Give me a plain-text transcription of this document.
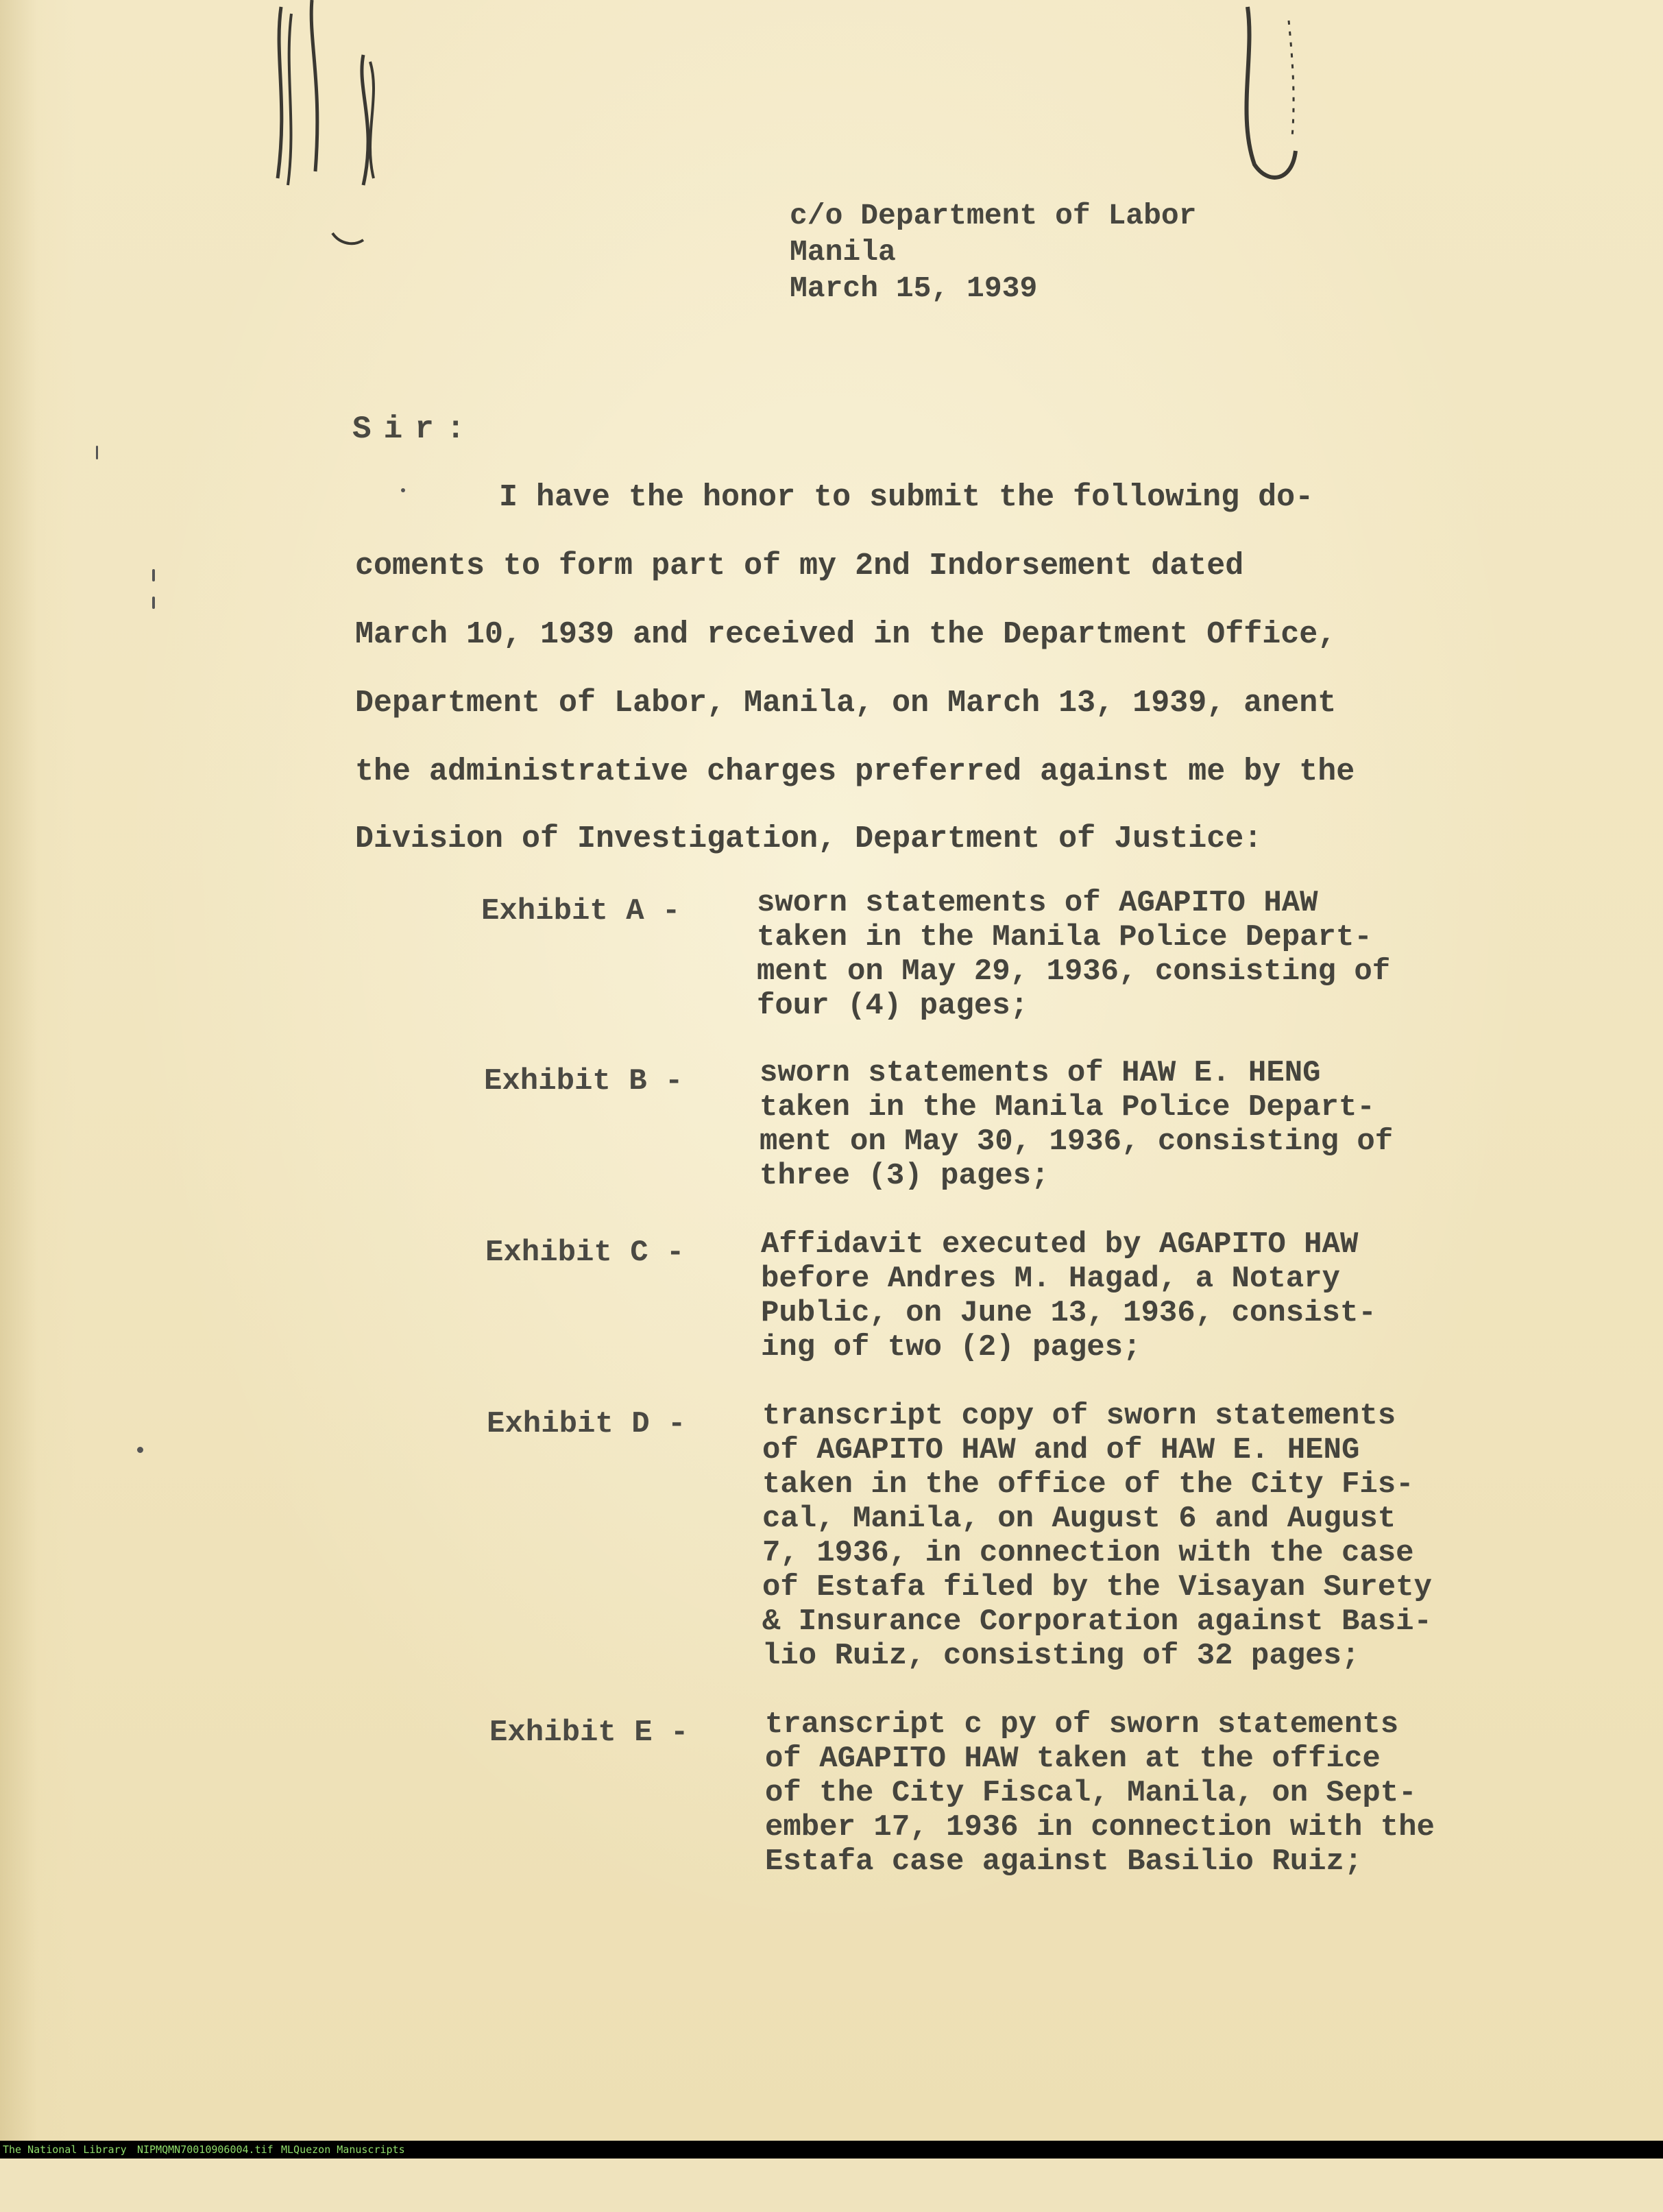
c/o Department of Labor
Manila
March 15, 1939
Sir:
I have the honor to submit the following do-
coments to form part of my 2nd Indorsement dated
March 10, 1939 and received in the Department Office,
Department of Labor, Manila, on March 13, 1939, anent
the administrative charges preferred against me by the
Division of Investigation, Department of Justice:
Exhibit A -	sworn statements of AGAPITO HAW
taken in the Manila Police Depart-
ment on May 29, 1936, consisting of
four (4) pages;
Exhibit B -	sworn statements of HAW E. HENG
taken in the Manila Police Depart-
ment on May 30, 1936, consisting of
three (3) pages;
Exhibit C -	Affidavit executed by AGAPITO HAW
before Andres M. Hagad, a Notary
Public, on June 13, 1936, consist-
ing of two (2) pages;
Exhibit D -	transcript copy of sworn statements
of AGAPITO HAW and of HAW E. HENG
taken in the office of the City Fis-
cal, Manila, on August 6 and August
7, 1936, in connection with the case
of Estafa filed by the Visayan Surety
& Insurance Corporation against Basi-
lio Ruiz, consisting of 32 pages;
Exhibit E -	transcript c py of sworn statements
of AGAPITO HAW taken at the office
of the City Fiscal, Manila, on Sept-
ember 17, 1936 in connection with the
Estafa case against Basilio Ruiz;

The National Library

NIPMQMN70010906004.tif

MLQuezon Manuscripts
